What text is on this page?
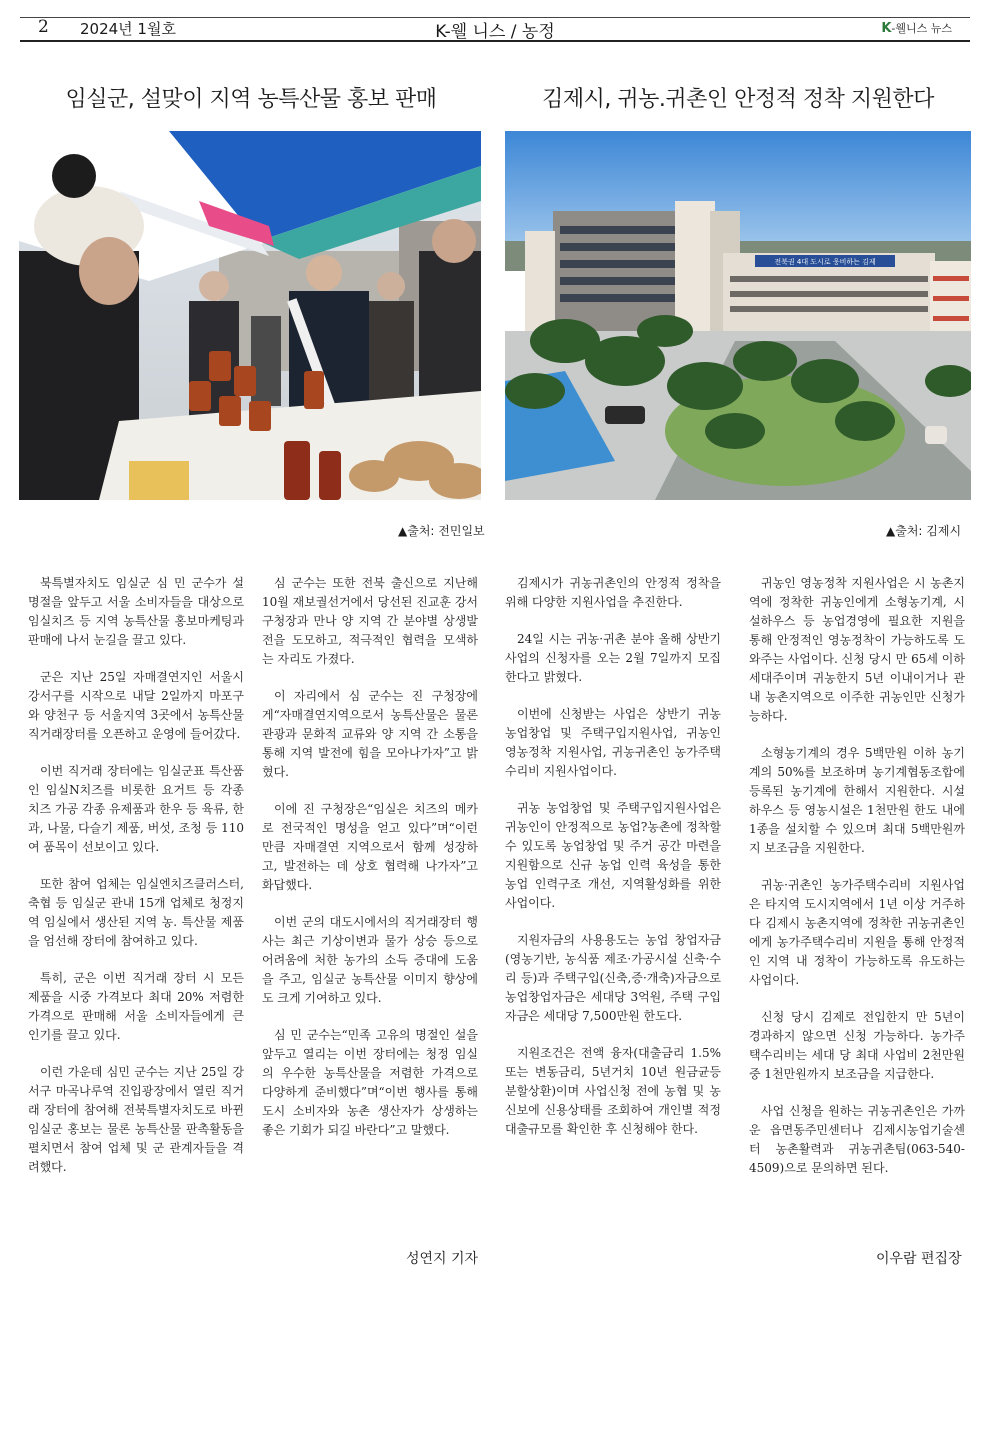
2 2024년 1월호	K-웰 니스 / 농정	K-웰니스 뉴스
임실군, 설맞이 지역 농특산물 홍보 판매	김제시, 귀농.귀촌인 안정적 정착 지원한다
전북권 4대 도시로 웅비하는 김제
▲출처: 전민일보	▲출처: 김제시

북특별자치도 임실군 심 민 군수가 설 명절을 앞두고 서울 소비자들을 대상으로 임실치즈 등 지역 농특산물 홍보마케팅과 판매에 나서 눈길을 끌고 있다.

군은 지난 25일 자매결연지인 서울시 강서구를 시작으로 내달 2일까지 마포구와 양천구 등 서울지역 3곳에서 농특산물 직거래장터를 오픈하고 운영에 들어갔다.

이번 직거래 장터에는 임실군표 특산품인 임실N치즈를 비롯한 요거트 등 각종 치즈 가공 각종 유제품과 한우 등 육류, 한과, 나물, 다슬기 제품, 버섯, 조청 등 110여 품목이 선보이고 있다.

또한 참여 업체는 임실엔치즈클러스터, 축협 등 임실군 관내 15개 업체로 청정지역 임실에서 생산된 지역 농. 특산물 제품을 엄선해 장터에 참여하고 있다.

특히, 군은 이번 직거래 장터 시 모든 제품을 시중 가격보다 최대 20% 저렴한 가격으로 판매해 서울 소비자들에게 큰 인기를 끌고 있다.

이런 가운데 심민 군수는 지난 25일 강서구 마곡나루역 진입광장에서 열린 직거래 장터에 참여해 전북특별자치도로 바뀐 임실군 홍보는 물론 농특산물 판촉활동을 펼치면서 참여 업체 및 군 관계자들을 격려했다.

심 군수는 또한 전북 출신으로 지난해 10월 재보궐선거에서 당선된 진교훈 강서구청장과 만나 양 지역 간 분야별 상생발전을 도모하고, 적극적인 협력을 모색하는 자리도 가졌다.

이 자리에서 심 군수는 진 구청장에게“자매결연지역으로서 농특산물은 물론 관광과 문화적 교류와 양 지역 간 소통을 통해 지역 발전에 힘을 모아나가자”고 밝혔다.

이에 진 구청장은“임실은 치즈의 메카로 전국적인 명성을 얻고 있다”며“이런 만큼 자매결연 지역으로서 함께 성장하고, 발전하는 데 상호 협력해 나가자”고 화답했다.

이번 군의 대도시에서의 직거래장터 행사는 최근 기상이변과 물가 상승 등으로 어려움에 처한 농가의 소득 증대에 도움을 주고, 임실군 농특산물 이미지 향상에도 크게 기여하고 있다.

심 민 군수는“민족 고유의 명절인 설을 앞두고 열리는 이번 장터에는 청정 임실의 우수한 농특산물을 저렴한 가격으로 다양하게 준비했다”며“이번 행사를 통해 도시 소비자와 농촌 생산자가 상생하는 좋은 기회가 되길 바란다”고 말했다.

김제시가 귀농귀촌인의 안정적 정착을 위해 다양한 지원사업을 추진한다.

24일 시는 귀농·귀촌 분야 올해 상반기 사업의 신청자를 오는 2월 7일까지 모집한다고 밝혔다.

이번에 신청받는 사업은 상반기 귀농 농업창업 및 주택구입지원사업, 귀농인 영농정착 지원사업, 귀농귀촌인 농가주택수리비 지원사업이다.

귀농 농업창업 및 주택구입지원사업은 귀농인이 안정적으로 농업?농촌에 정착할 수 있도록 농업창업 및 주거 공간 마련을 지원함으로 신규 농업 인력 육성을 통한 농업 인력구조 개선, 지역활성화를 위한 사업이다.

지원자금의 사용용도는 농업 창업자금(영농기반, 농식품 제조·가공시설 신축·수리 등)과 주택구입(신축,증·개축)자금으로 농업창업자금은 세대당 3억원, 주택 구입자금은 세대당 7,500만원 한도다.

지원조건은 전액 융자(대출금리 1.5% 또는 변동금리, 5년거치 10년 원금균등 분할상환)이며 사업신청 전에 농협 및 농신보에 신용상태를 조회하여 개인별 적정 대출규모를 확인한 후 신청해야 한다.

귀농인 영농정착 지원사업은 시 농촌지역에 정착한 귀농인에게 소형농기계, 시설하우스 등 농업경영에 필요한 지원을 통해 안정적인 영농정착이 가능하도록 도와주는 사업이다. 신청 당시 만 65세 이하 세대주이며 귀농한지 5년 이내이거나 관내 농촌지역으로 이주한 귀농인만 신청가능하다.

소형농기계의 경우 5백만원 이하 농기계의 50%를 보조하며 농기계협동조합에 등록된 농기계에 한해서 지원한다. 시설하우스 등 영농시설은 1천만원 한도 내에 1종을 설치할 수 있으며 최대 5백만원까지 보조금을 지원한다.

귀농·귀촌인 농가주택수리비 지원사업은 타지역 도시지역에서 1년 이상 거주하다 김제시 농촌지역에 정착한 귀농귀촌인에게 농가주택수리비 지원을 통해 안정적인 지역 내 정착이 가능하도록 유도하는 사업이다.

신청 당시 김제로 전입한지 만 5년이 경과하지 않으면 신청 가능하다. 농가주택수리비는 세대 당 최대 사업비 2천만원 중 1천만원까지 보조금을 지급한다.

사업 신청을 원하는 귀농귀촌인은 가까운 읍면동주민센터나 김제시농업기술센터 농촌활력과 귀농귀촌팀(063-540-4509)으로 문의하면 된다.

성연지 기자	이우람 편집장
